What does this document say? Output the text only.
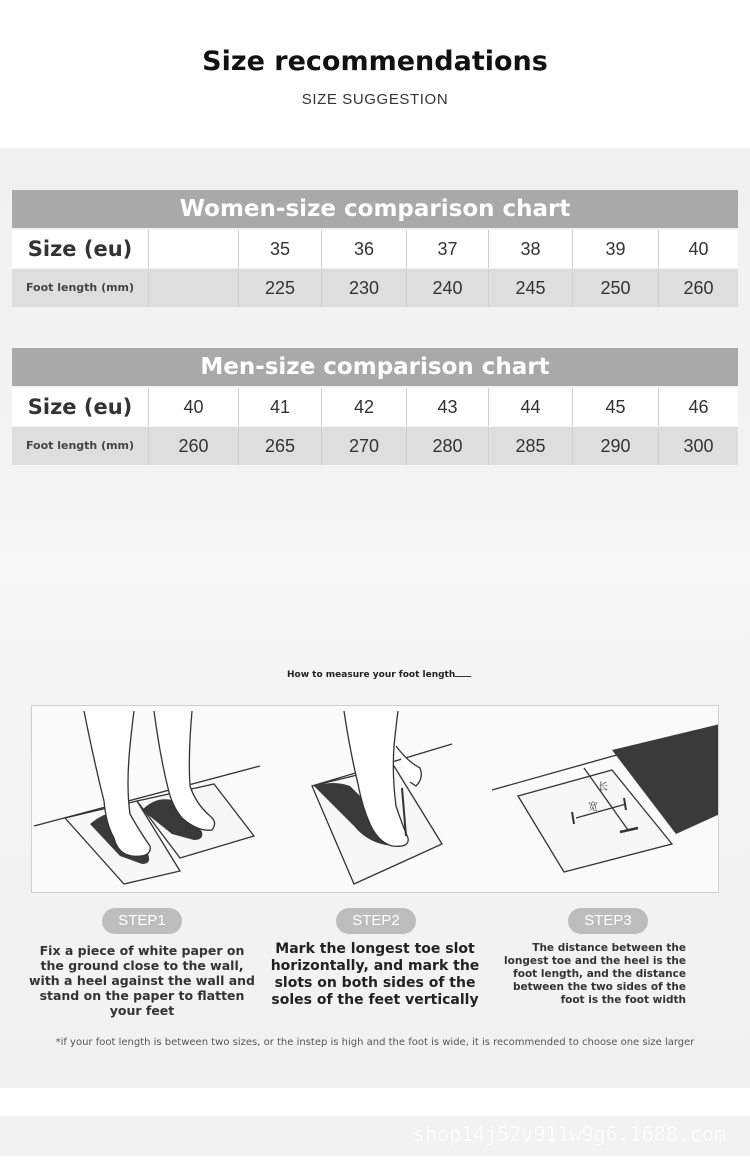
Size recommendations
SIZE SUGGESTION
Women-size comparison chart
Size (eu)	35	36	37	38	39	40
Foot length (mm)	225	230	240	245	250	260
Men-size comparison chart
Size (eu)	40	41	42	43	44	45	46
Foot length (mm)	260	265	270	280	285	290	300
How to measure your foot length
长
宽
STEP1	STEP2	STEP3
Fix a piece of white paper on the ground close to the wall, with a heel against the wall and stand on the paper to flatten your feet
Mark the longest toe slot horizontally, and mark the slots on both sides of the soles of the feet vertically
The distance between the longest toe and the heel is the foot length, and the distance between the two sides of the foot is the foot width
*if your foot length is between two sizes, or the instep is high and the foot is wide, it is recommended to choose one size larger
shop14j52v911w9g6.1688.com
